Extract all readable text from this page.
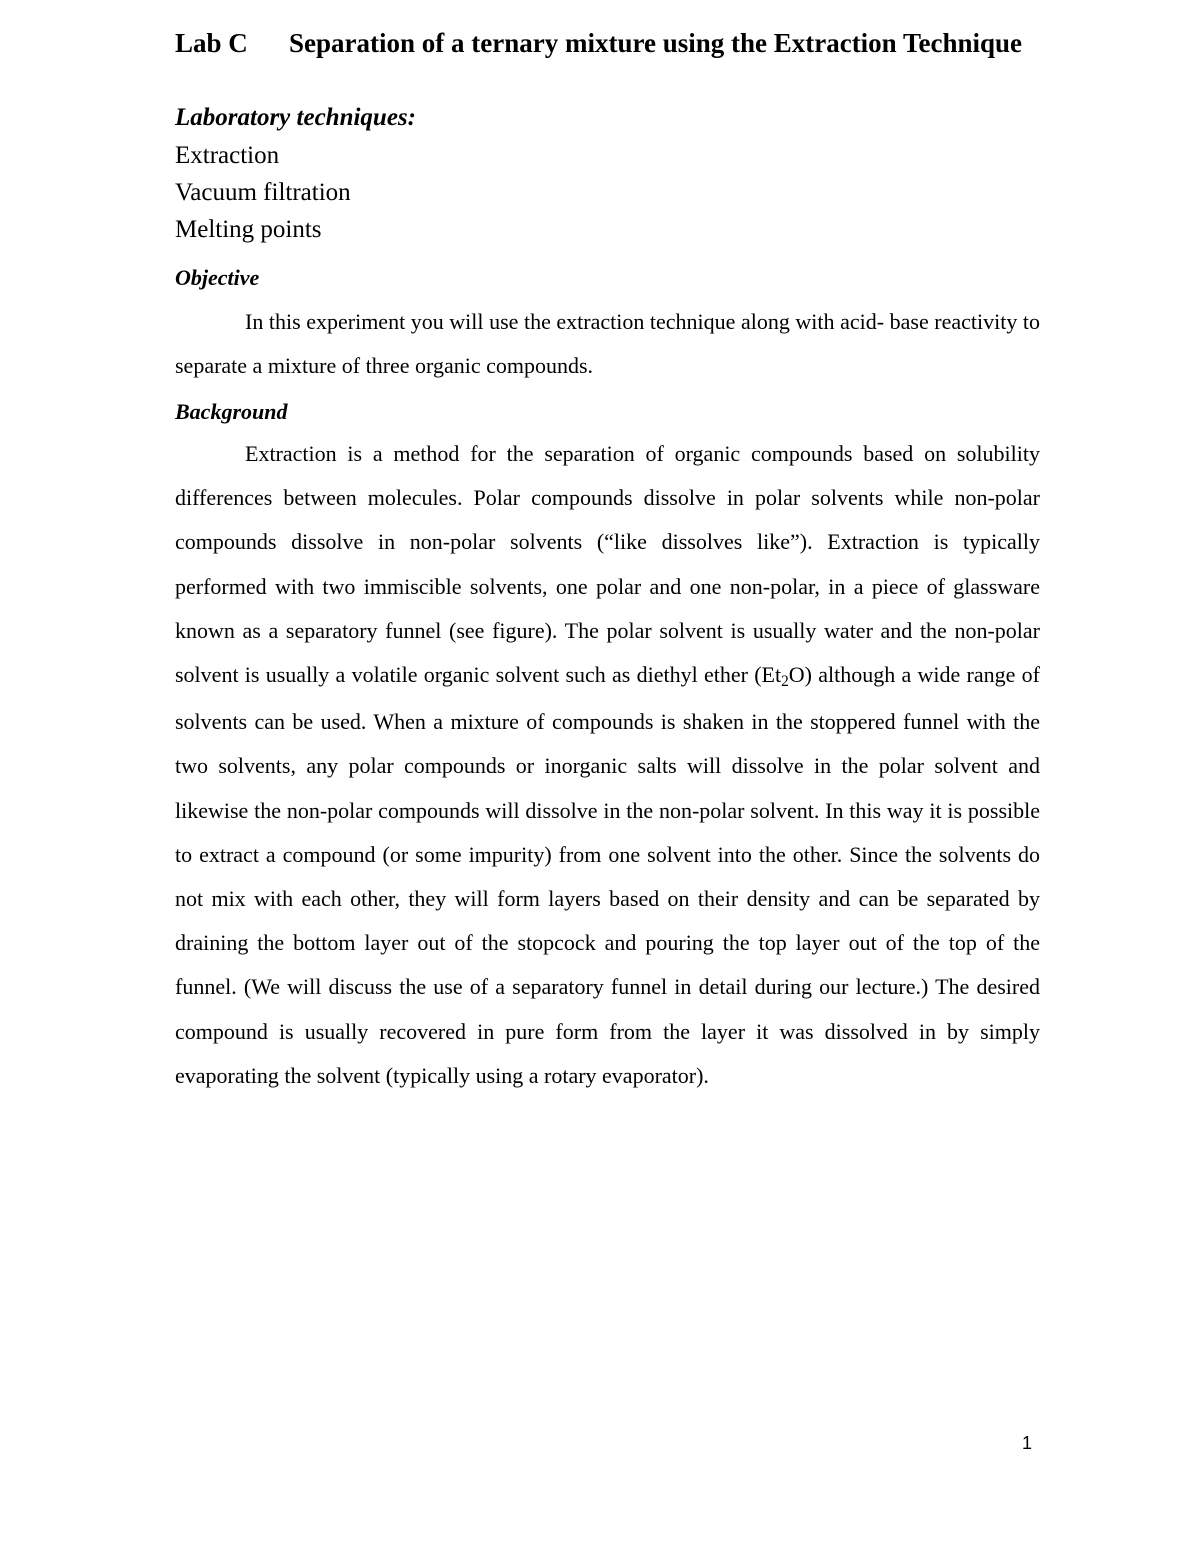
Lab C Separation of a ternary mixture using the Extraction Technique
Laboratory techniques:
Extraction
Vacuum filtration
Melting points
Objective

In this experiment you will use the extraction technique along with acid- base reactivity to separate a mixture of three organic compounds.

Background

Extraction is a method for the separation of organic compounds based on solubility differences between molecules. Polar compounds dissolve in polar solvents while non-polar compounds dissolve in non-polar solvents (“like dissolves like”). Extraction is typically performed with two immiscible solvents, one polar and one non-polar, in a piece of glassware known as a separatory funnel (see figure). The polar solvent is usually water and the non-polar solvent is usually a volatile organic solvent such as diethyl ether $(Et_2O)$ although a wide range of solvents can be used. When a mixture of compounds is shaken in the stoppered funnel with the two solvents, any polar compounds or inorganic salts will dissolve in the polar solvent and likewise the non-polar compounds will dissolve in the non-polar solvent. In this way it is possible to extract a compound (or some impurity) from one solvent into the other. Since the solvents do not mix with each other, they will form layers based on their density and can be separated by draining the bottom layer out of the stopcock and pouring the top layer out of the top of the funnel. (We will discuss the use of a separatory funnel in detail during our lecture.) The desired compound is usually recovered in pure form from the layer it was dissolved in by simply evaporating the solvent (typically using a rotary evaporator).

1
